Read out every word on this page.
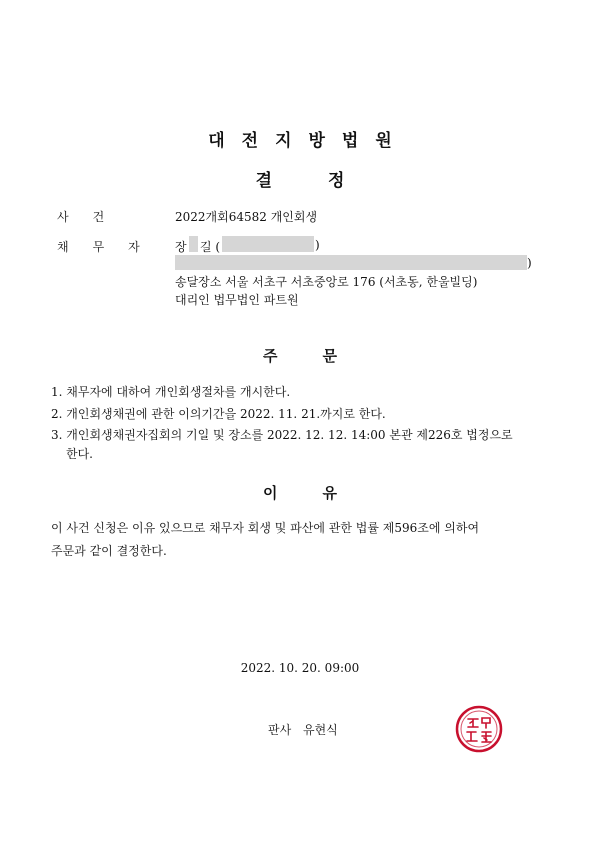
대전지방법원
결정
사건	2022개회64582 개인회생
채무자 장 길 (	)
)
송달장소 서울 서초구 서초중앙로 176 (서초동, 한울빌딩)
대리인 법무법인 파트원
주문
1. 채무자에 대하여 개인회생절차를 개시한다.
2. 개인회생채권에 관한 이의기간을 2022. 11. 21.까지로 한다.
3. 개인회생채권자집회의 기일 및 장소를 2022. 12. 12. 14:00 본관 제226호 법정으로
한다.
이유
이 사건 신청은 이유 있으므로 채무자 회생 및 파산에 관한 법률 제596조에 의하여
주문과 같이 결정한다.
2022. 10. 20. 09:00
판사 유현식
